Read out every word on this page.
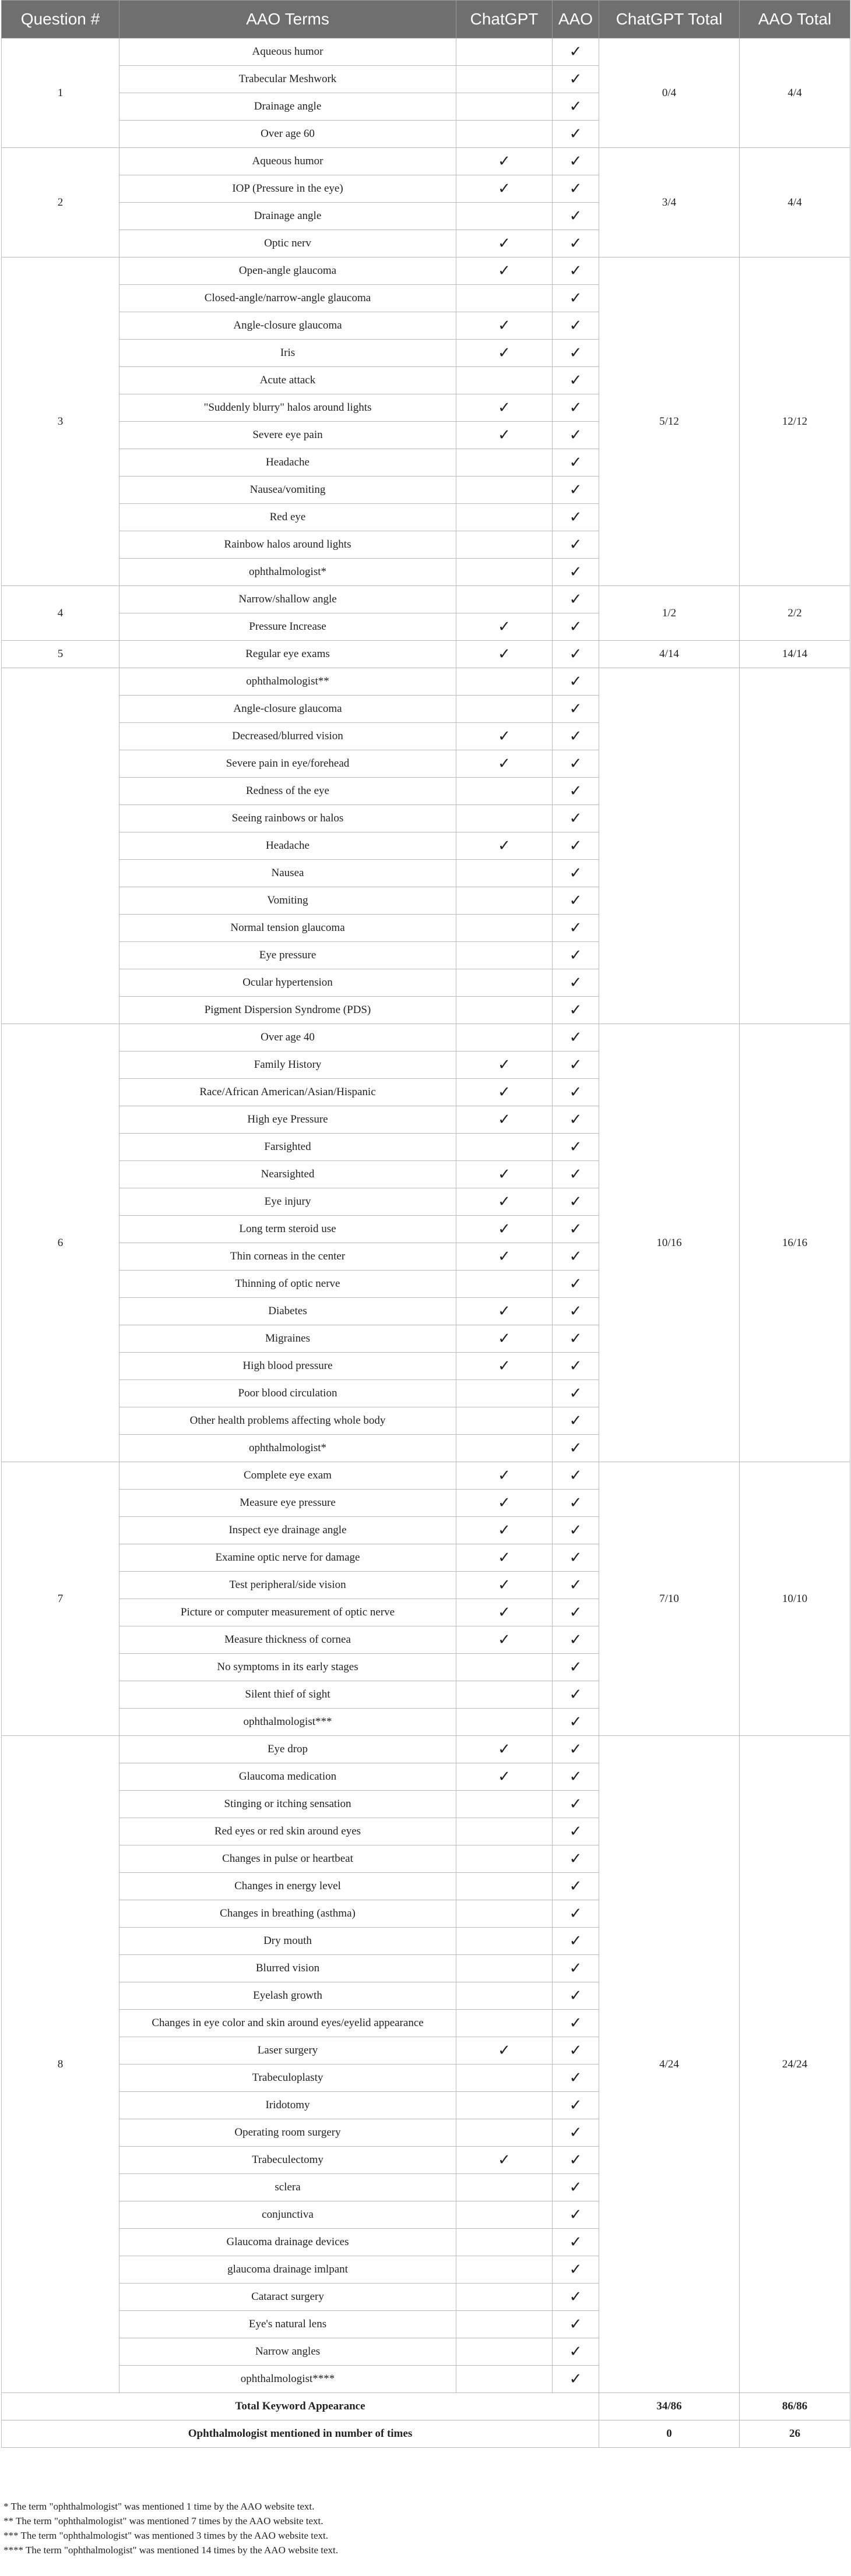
Question #	AAO Terms	ChatGPT	AAO	ChatGPT Total	AAO Total
1	Aqueous humor		✓	0/4	4/4
	Trabecular Meshwork		✓		
	Drainage angle		✓		
	Over age 60		✓		
2	Aqueous humor	✓	✓	3/4	4/4
	IOP (Pressure in the eye)	✓	✓		
	Drainage angle		✓		
	Optic nerv	✓	✓		
3	Open-angle glaucoma	✓	✓	5/12	12/12
	Closed-angle/narrow-angle glaucoma		✓		
	Angle-closure glaucoma	✓	✓		
	Iris	✓	✓		
	Acute attack		✓		
	"Suddenly blurry" halos around lights	✓	✓		
	Severe eye pain	✓	✓		
	Headache		✓		
	Nausea/vomiting		✓		
	Red eye		✓		
	Rainbow halos around lights		✓		
	ophthalmologist*		✓		
4	Narrow/shallow angle		✓	1/2	2/2
	Pressure Increase	✓	✓		
5	Regular eye exams	✓	✓	4/14	14/14
	ophthalmologist**		✓		
	Angle-closure glaucoma		✓		
	Decreased/blurred vision	✓	✓		
	Severe pain in eye/forehead	✓	✓		
	Redness of the eye		✓		
	Seeing rainbows or halos		✓		
	Headache	✓	✓		
	Nausea		✓		
	Vomiting		✓		
	Normal tension glaucoma		✓		
	Eye pressure		✓		
	Ocular hypertension		✓		
	Pigment Dispersion Syndrome (PDS)		✓		
6	Over age 40		✓	10/16	16/16
	Family History	✓	✓		
	Race/African American/Asian/Hispanic	✓	✓		
	High eye Pressure	✓	✓		
	Farsighted		✓		
	Nearsighted	✓	✓		
	Eye injury	✓	✓		
	Long term steroid use	✓	✓		
	Thin corneas in the center	✓	✓		
	Thinning of optic nerve		✓		
	Diabetes	✓	✓		
	Migraines	✓	✓		
	High blood pressure	✓	✓		
	Poor blood circulation		✓		
	Other health problems affecting whole body		✓		
	ophthalmologist*		✓		
7	Complete eye exam	✓	✓	7/10	10/10
	Measure eye pressure	✓	✓		
	Inspect eye drainage angle	✓	✓		
	Examine optic nerve for damage	✓	✓		
	Test peripheral/side vision	✓	✓		
	Picture or computer measurement of optic nerve	✓	✓		
	Measure thickness of cornea	✓	✓		
	No symptoms in its early stages		✓		
	Silent thief of sight		✓		
	ophthalmologist***		✓		
8	Eye drop	✓	✓	4/24	24/24
	Glaucoma medication	✓	✓		
	Stinging or itching sensation		✓		
	Red eyes or red skin around eyes		✓		
	Changes in pulse or heartbeat		✓		
	Changes in energy level		✓		
	Changes in breathing (asthma)		✓		
	Dry mouth		✓		
	Blurred vision		✓		
	Eyelash growth		✓		
	Changes in eye color and skin around eyes/eyelid appearance		✓		
	Laser surgery	✓	✓		
	Trabeculoplasty		✓		
	Iridotomy		✓		
	Operating room surgery		✓		
	Trabeculectomy	✓	✓		
	sclera		✓		
	conjunctiva		✓		
	Glaucoma drainage devices		✓		
	glaucoma drainage imlpant		✓		
	Cataract surgery		✓		
	Eye's natural lens		✓		
	Narrow angles		✓		
	ophthalmologist****		✓		
Total Keyword Appearance				34/86	86/86
Ophthalmologist mentioned in number of times				0	26
* The term "ophthalmologist" was mentioned 1 time by the AAO website text.
** The term "ophthalmologist" was mentioned 7 times by the AAO website text.
*** The term "ophthalmologist" was mentioned 3 times by the AAO website text.
**** The term "ophthalmologist" was mentioned 14 times by the AAO website text.
